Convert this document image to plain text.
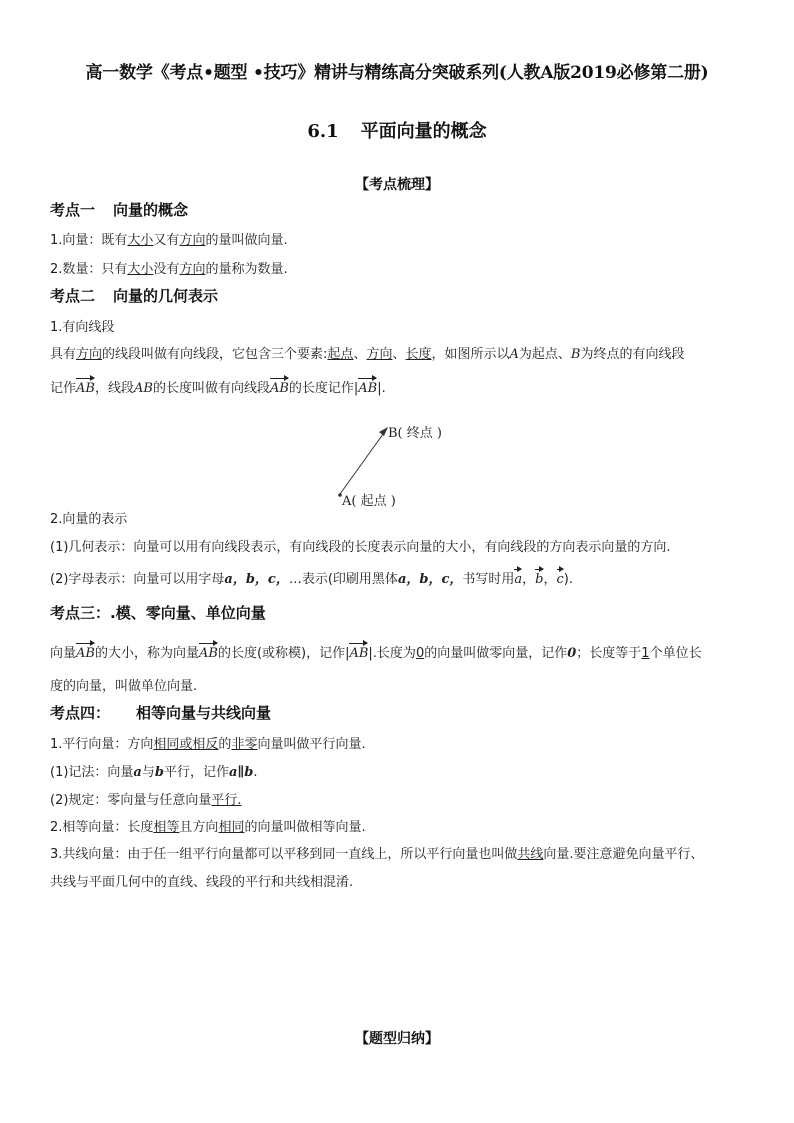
高一数学《考点•题型 •技巧》精讲与精练高分突破系列(人教A版2019必修第二册)
6.1 平面向量的概念
【考点梳理】
考点一 向量的概念
1.向量：既有大小又有方向的量叫做向量.
2.数量：只有大小没有方向的量称为数量.
考点二 向量的几何表示
1.有向线段
具有方向的线段叫做有向线段，它包含三个要素:起点、方向、长度，如图所示以A为起点、B为终点的有向线段
记作AB，线段AB的长度叫做有向线段AB的长度记作|AB|.
B( 终点 )
A( 起点 )
2.向量的表示
(1)几何表示：向量可以用有向线段表示，有向线段的长度表示向量的大小，有向线段的方向表示向量的方向.
(2)字母表示：向量可以用字母a，b，c，…表示(印刷用黑体a，b，c，书写时用a，b，c).
考点三：.模、零向量、单位向量
向量AB的大小，称为向量AB的长度(或称模)，记作|AB|.长度为0的向量叫做零向量，记作0；长度等于1个单位长
度的向量，叫做单位向量.
考点四： 相等向量与共线向量
1.平行向量：方向相同或相反的非零向量叫做平行向量.
(1)记法：向量a与b平行，记作a∥b.
(2)规定：零向量与任意向量平行.
2.相等向量：长度相等且方向相同的向量叫做相等向量.
3.共线向量：由于任一组平行向量都可以平移到同一直线上，所以平行向量也叫做共线向量.要注意避免向量平行、
共线与平面几何中的直线、线段的平行和共线相混淆.
【题型归纳】
